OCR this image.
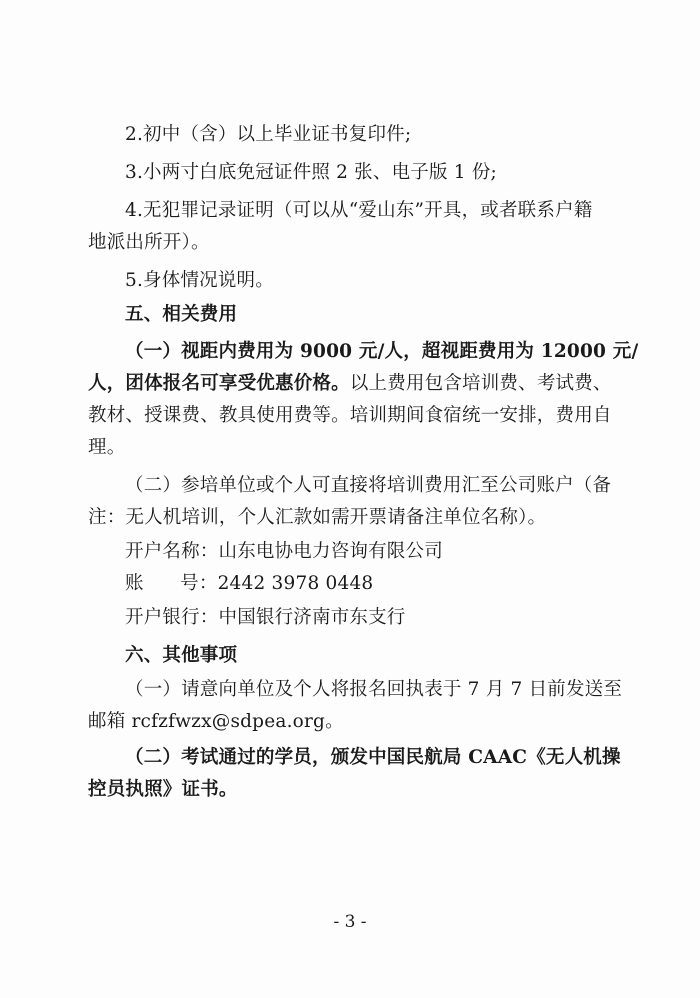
2.初中（含）以上毕业证书复印件;
3.小两寸白底免冠证件照 2 张、电子版 1 份;
4.无犯罪记录证明（可以从“爱山东”开具，或者联系户籍
地派出所开）。
5.身体情况说明。
五、相关费用
（一）视距内费用为 9000 元/人，超视距费用为 12000 元/
人，团体报名可享受优惠价格。以上费用包含培训费、考试费、
教材、授课费、教具使用费等。培训期间食宿统一安排，费用自
理。
（二）参培单位或个人可直接将培训费用汇至公司账户（备
注：无人机培训，个人汇款如需开票请备注单位名称）。
开户名称：山东电协电力咨询有限公司
账      号：2442 3978 0448
开户银行：中国银行济南市东支行
六、其他事项
（一）请意向单位及个人将报名回执表于 7 月 7 日前发送至
邮箱 rcfzfwzx@sdpea.org。
（二）考试通过的学员，颁发中国民航局 CAAC《无人机操
控员执照》证书。
- 3 -
